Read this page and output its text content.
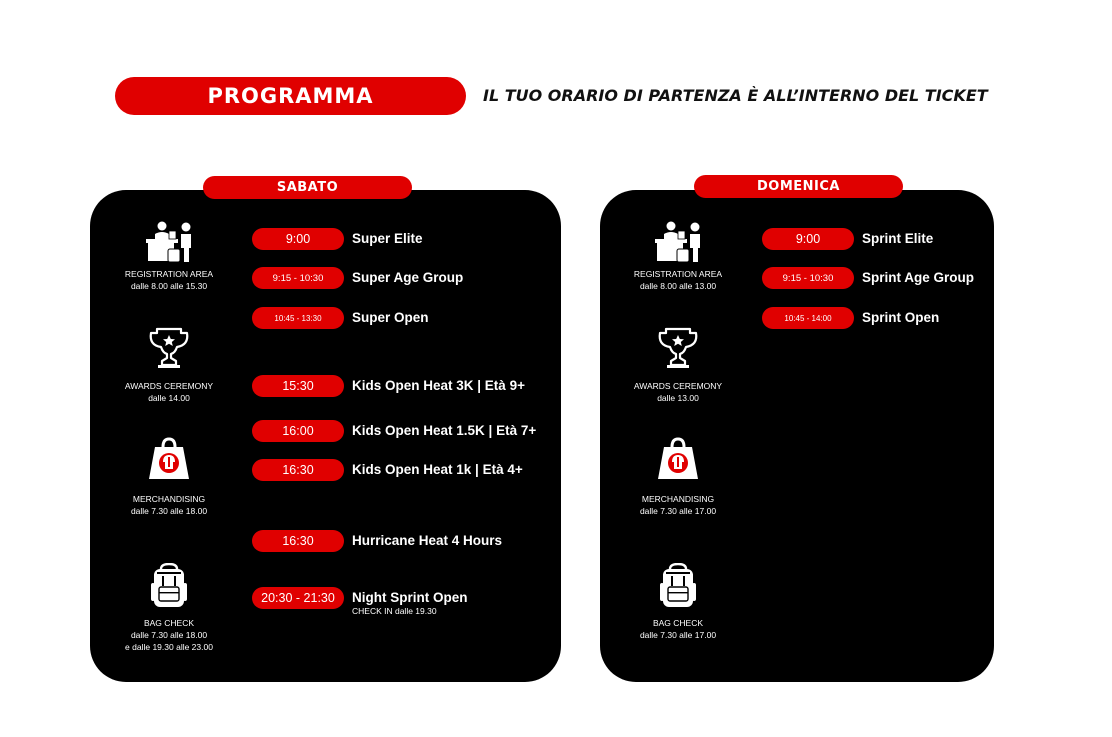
PROGRAMMA	IL TUO ORARIO DI PARTENZA È ALL’INTERNO DEL TICKET
SABATO
REGISTRATION AREA
dalle 8.00 alle 15.30
AWARDS CEREMONY
dalle 14.00
MERCHANDISING
dalle 7.30 alle 18.00
BAG CHECK
dalle 7.30 alle 18.00
e dalle 19.30 alle 23.00
9:00	Super Elite
9:15 - 10:30	Super Age Group
10:45 - 13:30	Super Open
15:30	Kids Open Heat 3K | Età 9+
16:00	Kids Open Heat 1.5K | Età 7+
16:30	Kids Open Heat 1k | Età 4+
16:30	Hurricane Heat 4 Hours
20:30 - 21:30	Night Sprint Open
CHECK IN dalle 19.30
DOMENICA
REGISTRATION AREA
dalle 8.00 alle 13.00
AWARDS CEREMONY
dalle 13.00
MERCHANDISING
dalle 7.30 alle 17.00
BAG CHECK
dalle 7.30 alle 17.00
9:00	Sprint Elite
9:15 - 10:30	Sprint Age Group
10:45 - 14:00	Sprint Open
